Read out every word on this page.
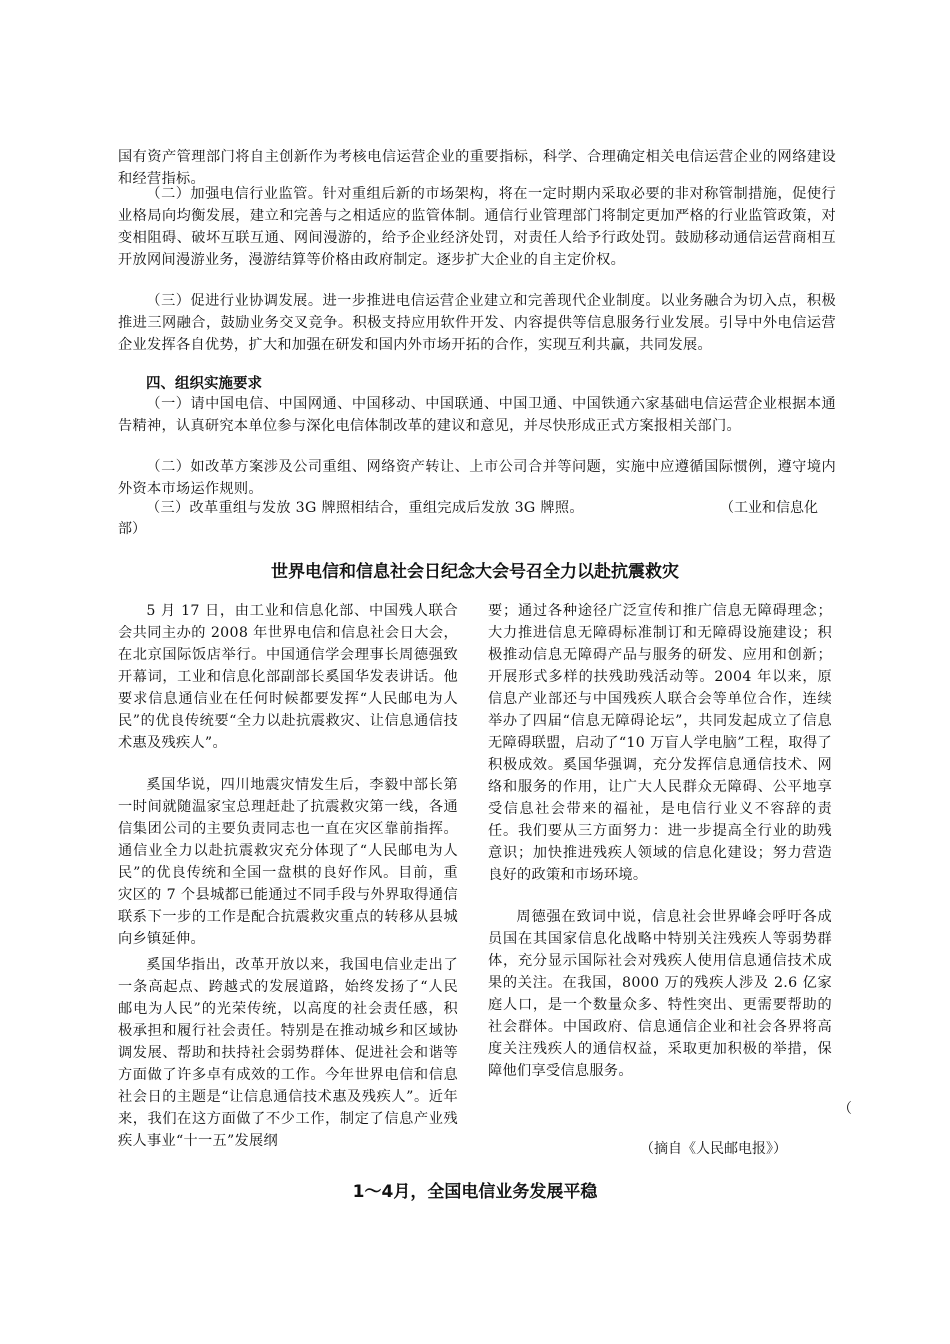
国有资产管理部门将自主创新作为考核电信运营企业的重要指标，科学、合理确定相关电信运营企业的网络建设和经营指标。

（二）加强电信行业监管。针对重组后新的市场架构，将在一定时期内采取必要的非对称管制措施，促使行业格局向均衡发展，建立和完善与之相适应的监管体制。通信行业管理部门将制定更加严格的行业监管政策，对变相阻碍、破坏互联互通、网间漫游的，给予企业经济处罚，对责任人给予行政处罚。鼓励移动通信运营商相互开放网间漫游业务，漫游结算等价格由政府制定。逐步扩大企业的自主定价权。

（三）促进行业协调发展。进一步推进电信运营企业建立和完善现代企业制度。以业务融合为切入点，积极推进三网融合，鼓励业务交叉竞争。积极支持应用软件开发、内容提供等信息服务行业发展。引导中外电信运营企业发挥各自优势，扩大和加强在研发和国内外市场开拓的合作，实现互利共赢，共同发展。

四、组织实施要求

（一）请中国电信、中国网通、中国移动、中国联通、中国卫通、中国铁通六家基础电信运营企业根据本通告精神，认真研究本单位参与深化电信体制改革的建议和意见，并尽快形成正式方案报相关部门。

（二）如改革方案涉及公司重组、网络资产转让、上市公司合并等问题，实施中应遵循国际惯例，遵守境内外资本市场运作规则。

（三）改革重组与发放 3G 牌照相结合，重组完成后发放 3G 牌照。	（工业和信息化

部）

世界电信和信息社会日纪念大会号召全力以赴抗震救灾

5 月 17 日，由工业和信息化部、中国残人联合会共同主办的 2008 年世界电信和信息社会日大会，在北京国际饭店举行。中国通信学会理事长周德强致开幕词，工业和信息化部副部长奚国华发表讲话。他要求信息通信业在任何时候都要发挥“人民邮电为人民”的优良传统要“全力以赴抗震救灾、让信息通信技术惠及残疾人”。

奚国华说，四川地震灾情发生后，李毅中部长第一时间就随温家宝总理赶赴了抗震救灾第一线，各通信集团公司的主要负责同志也一直在灾区靠前指挥。通信业全力以赴抗震救灾充分体现了“人民邮电为人民”的优良传统和全国一盘棋的良好作风。目前，重灾区的 7 个县城都已能通过不同手段与外界取得通信联系下一步的工作是配合抗震救灾重点的转移从县城向乡镇延伸。

奚国华指出，改革开放以来，我国电信业走出了一条高起点、跨越式的发展道路，始终发扬了“人民邮电为人民”的光荣传统，以高度的社会责任感，积极承担和履行社会责任。特别是在推动城乡和区域协调发展、帮助和扶持社会弱势群体、促进社会和谐等方面做了许多卓有成效的工作。今年世界电信和信息社会日的主题是“让信息通信技术惠及残疾人”。近年来，我们在这方面做了不少工作，制定了信息产业残疾人事业“十一五”发展纲

要；通过各种途径广泛宣传和推广信息无障碍理念；大力推进信息无障碍标准制订和无障碍设施建设；积极推动信息无障碍产品与服务的研发、应用和创新；开展形式多样的扶残助残活动等。2004 年以来，原信息产业部还与中国残疾人联合会等单位合作，连续举办了四届“信息无障碍论坛”，共同发起成立了信息无障碍联盟，启动了“10 万盲人学电脑”工程，取得了积极成效。奚国华强调，充分发挥信息通信技术、网络和服务的作用，让广大人民群众无障碍、公平地享受信息社会带来的福祉，是电信行业义不容辞的责任。我们要从三方面努力：进一步提高全行业的助残意识；加快推进残疾人领域的信息化建设；努力营造良好的政策和市场环境。

周德强在致词中说，信息社会世界峰会呼吁各成员国在其国家信息化战略中特别关注残疾人等弱势群体，充分显示国际社会对残疾人使用信息通信技术成果的关注。在我国，8000 万的残疾人涉及 2.6 亿家庭人口，是一个数量众多、特性突出、更需要帮助的社会群体。中国政府、信息通信企业和社会各界将高度关注残疾人的通信权益，采取更加积极的举措，保障他们享受信息服务。

（

（摘自《人民邮电报》）

1～4月，全国电信业务发展平稳
